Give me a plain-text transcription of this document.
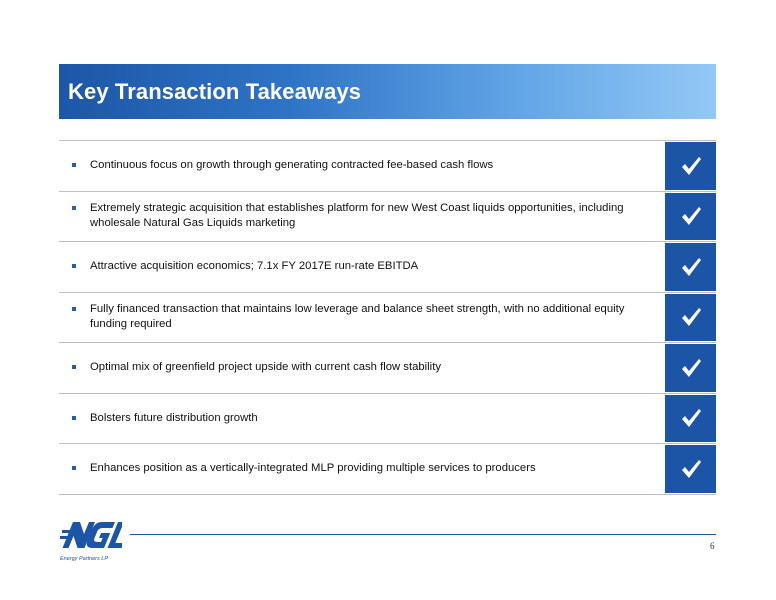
Key Transaction Takeaways
Continuous focus on growth through generating contracted fee-based cash flows
Extremely strategic acquisition that establishes platform for new West Coast liquids opportunities, including wholesale Natural Gas Liquids marketing
Attractive acquisition economics; 7.1x FY 2017E run-rate EBITDA
Fully financed transaction that maintains low leverage and balance sheet strength, with no additional equity funding required
Optimal mix of greenfield project upside with current cash flow stability
Bolsters future distribution growth
Enhances position as a vertically-integrated MLP providing multiple services to producers
Energy Partners LP
6
